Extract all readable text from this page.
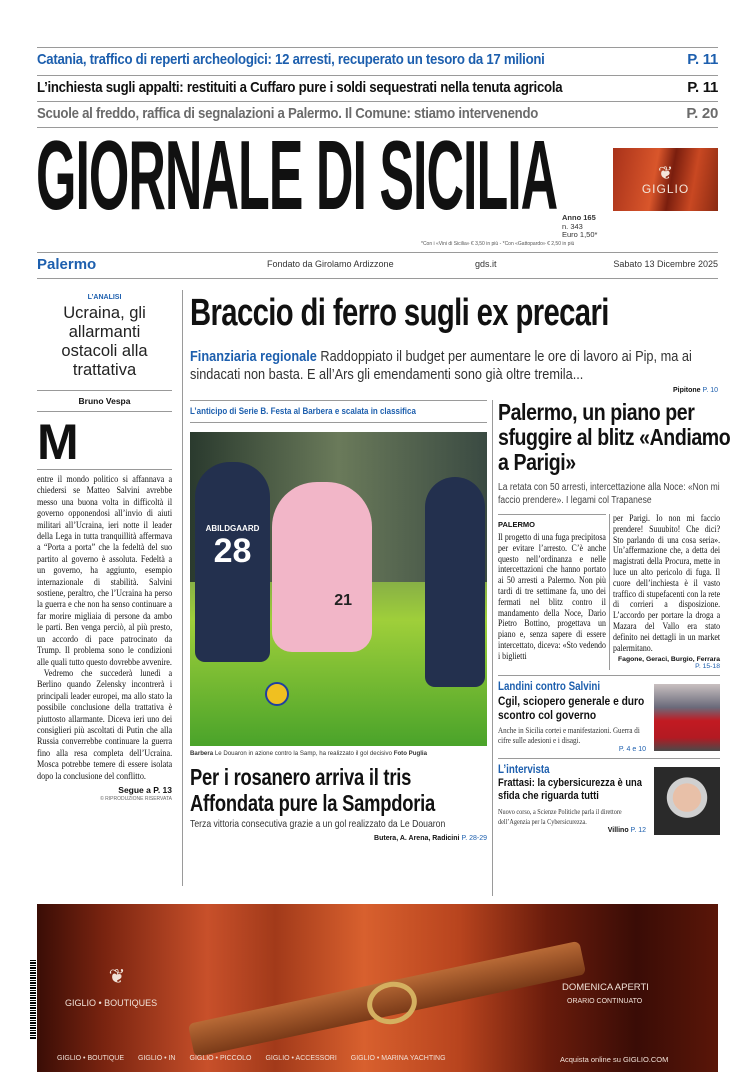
Catania, traffico di reperti archeologici: 12 arresti, recuperato un tesoro da 17 milioni	P. 11
L’inchiesta sugli appalti: restituiti a Cuffaro pure i soldi sequestrati nella tenuta agricola	P. 11
Scuole al freddo, raffica di segnalazioni a Palermo. Il Comune: stiamo intervenendo	P. 20
GIORNALE DI SICILIA	❦
GIGLIO
Anno 165
n. 343
Euro 1,50*
*Con i «Vini di Sicilia» € 3,50 in più - *Con «Gattopardo» € 2,50 in più
Palermo	Fondato da Girolamo Ardizzone	gds.it	Sabato 13 Dicembre 2025
L’ANALISI
Ucraina, gli allarmanti ostacoli alla trattativa
Bruno Vespa
M

entre il mondo politico si affannava a chiedersi se Matteo Salvini avrebbe messo una buona volta in difficoltà il governo opponendosi all’invio di aiuti militari all’Ucraina, ieri notte il leader della Lega in tutta tranquillità affermava a “Porta a porta” che la fedeltà del suo partito al governo è assoluta. Fedeltà a un governo, ha aggiunto, esempio internazionale di stabilità. Salvini sostiene, peraltro, che l’Ucraina ha perso la guerra e che non ha senso continuare a far morire migliaia di persone da ambo le parti. Ben venga perciò, al più presto, un accordo di pace patrocinato da Trump. Il problema sono le condizioni alle quali tutto questo dovrebbe avvenire.

Vedremo che succederà lunedì a Berlino quando Zelensky incontrerà i principali leader europei, ma allo stato la possibile conclusione della trattativa è piuttosto allarmante. Diceva ieri uno dei consiglieri più ascoltati di Putin che alla Russia converrebbe continuare la guerra fino alla resa completa dell’Ucraina. Mosca potrebbe temere di essere isolata dopo la conclusione del conflitto.

Segue a P. 13
© RIPRODUZIONE RISERVATA
Braccio di ferro sugli ex precari
Finanziaria regionale Raddoppiato il budget per aumentare le ore di lavoro ai Pip, ma ai sindacati non basta. E all’Ars gli emendamenti sono già oltre tremila...
Pipitone P. 10
L’anticipo di Serie B. Festa al Barbera e scalata in classifica
ABILDGAARD
28
21
Barbera Le Douaron in azione contro la Samp, ha realizzato il gol decisivo Foto Puglia
Per i rosanero arriva il tris
Affondata pure la Sampdoria
Terza vittoria consecutiva grazie a un gol realizzato da Le Douaron
Butera, A. Arena, Radicini P. 28-29
Palermo, un piano per sfuggire al blitz «Andiamo a Parigi»
La retata con 50 arresti, intercettazione alla Noce: «Non mi faccio prendere». I legami col Trapanese
PALERMO

Il progetto di una fuga precipitosa per evitare l’arresto. C’è anche questo nell’ordinanza e nelle intercettazioni che hanno portato ai 50 arresti a Palermo. Non più tardi di tre settimane fa, uno dei fermati nel blitz contro il mandamento della Noce, Dario Pietro Bottino, progettava un piano e, senza sapere di essere intercettato, diceva: «Sto vedendo i biglietti

per Parigi. Io non mi faccio prendere! Suuubito! Che dici? Sto parlando di una cosa seria». Un’affermazione che, a detta dei magistrati della Procura, mette in luce un alto pericolo di fuga. Il cuore dell’inchiesta è il vasto traffico di stupefacenti con la rete di corrieri a disposizione. L’accordo per portare la droga a Mazara del Vallo era stato definito nei dettagli in un market palermitano.

Fagone, Geraci, Burgio, Ferrara
P. 15-18
Landini contro Salvini
Cgil, sciopero generale e duro scontro col governo
Anche in Sicilia cortei e manifestazioni. Guerra di cifre sulle adesioni e i disagi.
P. 4 e 10
L’intervista
Frattasi: la cybersicurezza è una sfida che riguarda tutti
Nuovo corso, a Scienze Politiche parla il direttore dell’Agenzia per la Cybersicurezza.
Villino P. 12
❦
GIGLIO • BOUTIQUES
DOMENICA APERTI
ORARIO CONTINUATO
GIGLIO • BOUTIQUE GIGLIO • IN GIGLIO • PICCOLO GIGLIO • ACCESSORI GIGLIO • MARINA YACHTING	Acquista online su GIGLIO.COM
